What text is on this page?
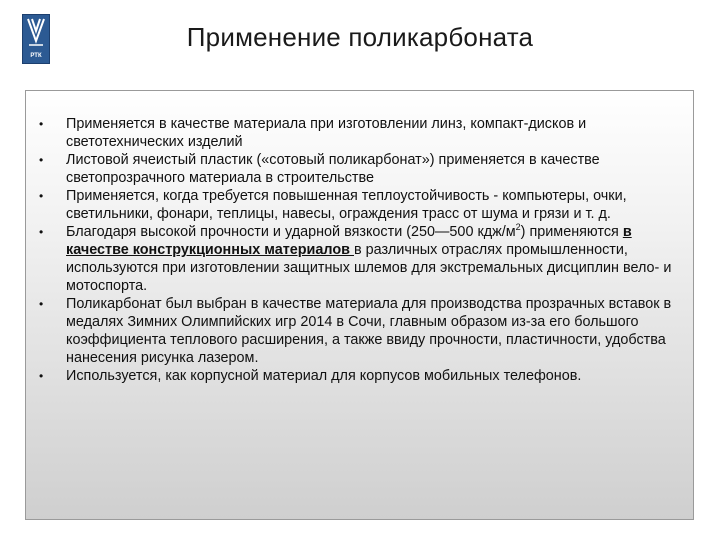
РТК
Применение поликарбоната
• Применяется в качестве материала при изготовлении линз, компакт-дисков и светотехнических изделий
• Листовой ячеистый пластик («сотовый поликарбонат») применяется в качестве светопрозрачного материала в строительстве
• Применяется, когда требуется повышенная теплоустойчивость - компьютеры, очки, светильники, фонари, теплицы, навесы, ограждения трасс от шума и грязи и т. д.
• Благодаря высокой прочности и ударной вязкости (250—500 кдж/$м^2$) применяются в качестве конструкционных материалов в различных отраслях промышленности, используются при изготовлении защитных шлемов для экстремальных дисциплин вело- и мотоспорта.
• Поликарбонат был выбран в качестве материала для производства прозрачных вставок в медалях Зимних Олимпийских игр 2014 в Сочи, главным образом из-за его большого коэффициента теплового расширения, а также ввиду прочности, пластичности, удобства нанесения рисунка лазером.
• Используется, как корпусной материал для корпусов мобильных телефонов.
